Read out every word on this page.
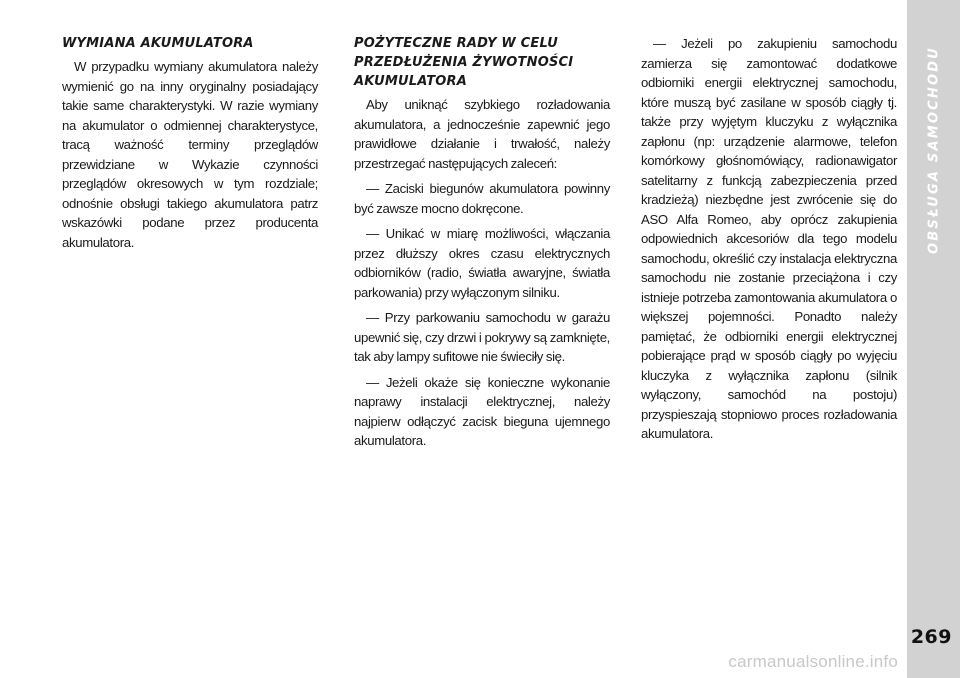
WYMIANA AKUMULATORA

W przypadku wymiany akumulatora należy wymienić go na inny oryginalny posiadający takie same charakterystyki. W razie wymiany na akumulator o odmiennej charakterystyce, tracą ważność terminy przeglądów przewidziane w Wykazie czynności przeglądów okresowych w tym rozdziale; odnośnie obsługi takiego akumulatora patrz wskazówki podane przez producenta akumulatora.

POŻYTECZNE RADY W CELU PRZEDŁUŻENIA ŻYWOTNOŚCI AKUMULATORA

Aby uniknąć szybkiego rozładowania akumulatora, a jednocześnie zapewnić jego prawidłowe działanie i trwałość, należy przestrzegać następujących zaleceń:

— Zaciski biegunów akumulatora powinny być zawsze mocno dokręcone.

— Unikać w miarę możliwości, włączania przez dłuższy okres czasu elektrycznych odbiorników (radio, światła awaryjne, światła parkowania) przy wyłączonym silniku.

— Przy parkowaniu samochodu w garażu upewnić się, czy drzwi i pokrywy są zamknięte, tak aby lampy sufitowe nie świeciły się.

— Jeżeli okaże się konieczne wykonanie naprawy instalacji elektrycznej, należy najpierw odłączyć zacisk bieguna ujemnego akumulatora.

— Jeżeli po zakupieniu samochodu zamierza się zamontować dodatkowe odbiorniki energii elektrycznej samochodu, które muszą być zasilane w sposób ciągły tj. także przy wyjętym kluczyku z wyłącznika zapłonu (np: urządzenie alarmowe, telefon komórkowy głośnomówiący, radionawigator satelitarny z funkcją zabezpieczenia przed kradzieżą) niezbędne jest zwrócenie się do ASO Alfa Romeo, aby oprócz zakupienia odpowiednich akcesoriów dla tego modelu samochodu, określić czy instalacja elektryczna samochodu nie zostanie przeciążona i czy istnieje potrzeba zamontowania akumulatora o większej pojemności. Ponadto należy pamiętać, że odbiorniki energii elektrycznej pobierające prąd w sposób ciągły po wyjęciu kluczyka z wyłącznika zapłonu (silnik wyłączony, samochód na postoju) przyspieszają stopniowo proces rozładowania akumulatora.

OBSŁUGA SAMOCHODU
269
carmanualsonline.info
